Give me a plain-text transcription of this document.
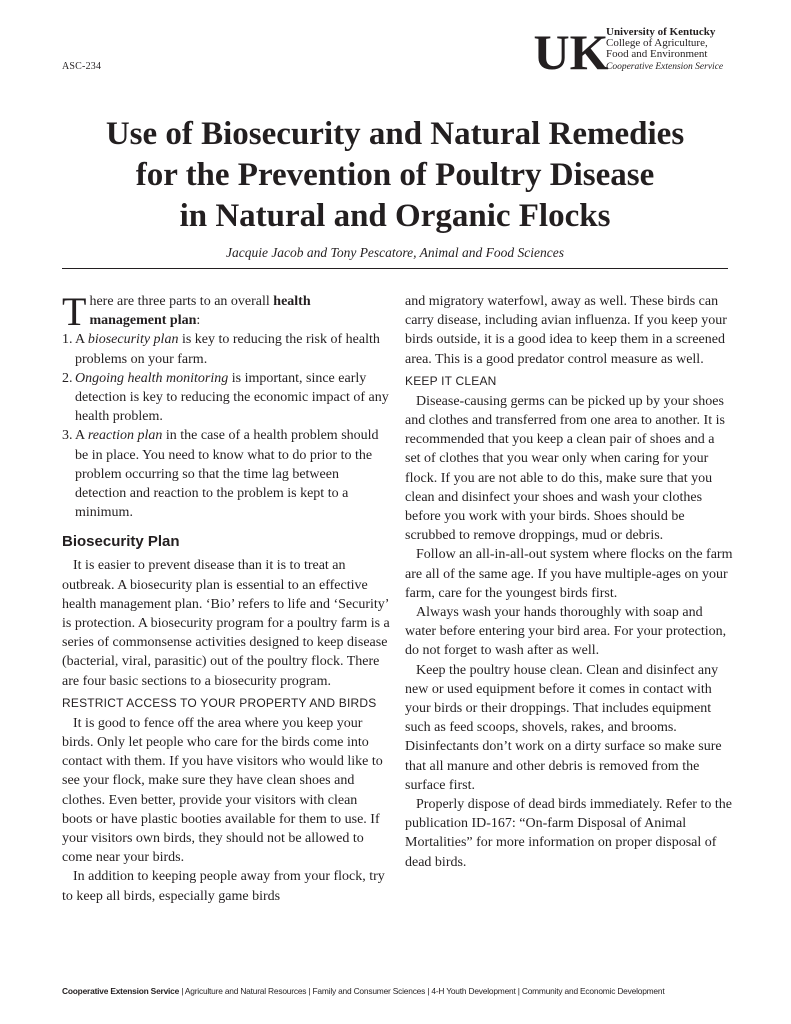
ASC-234	UK
University of Kentucky
College of Agriculture,
Food and Environment
Cooperative Extension Service
Use of Biosecurity and Natural Remedies
for the Prevention of Poultry Disease
in Natural and Organic Flocks
Jacquie Jacob and Tony Pescatore, Animal and Food Sciences

There are three parts to an overall health management plan:

1. A biosecurity plan is key to reducing the risk of health problems on your farm.
2. Ongoing health monitoring is important, since early detection is key to reducing the economic impact of any health problem.
3. A reaction plan in the case of a health problem should be in place. You need to know what to do prior to the problem occurring so that the time lag between detection and reaction to the problem is kept to a minimum.
Biosecurity Plan

It is easier to prevent disease than it is to treat an outbreak. A biosecurity plan is essential to an effective health management plan. ‘Bio’ refers to life and ‘Security’ is protection. A biosecurity program for a poultry farm is a series of commonsense activities designed to keep disease (bacterial, viral, parasitic) out of the poultry flock. There are four basic sections to a biosecurity program.

RESTRICT ACCESS TO YOUR PROPERTY AND BIRDS

It is good to fence off the area where you keep your birds. Only let people who care for the birds come into contact with them. If you have visitors who would like to see your flock, make sure they have clean shoes and clothes. Even better, provide your visitors with clean boots or have plastic booties available for them to use. If your visitors own birds, they should not be allowed to come near your birds.

In addition to keeping people away from your flock, try to keep all birds, especially game birds

and migratory waterfowl, away as well. These birds can carry disease, including avian influenza. If you keep your birds outside, it is a good idea to keep them in a screened area. This is a good predator control measure as well.

KEEP IT CLEAN

Disease-causing germs can be picked up by your shoes and clothes and transferred from one area to another. It is recommended that you keep a clean pair of shoes and a set of clothes that you wear only when caring for your flock. If you are not able to do this, make sure that you clean and disinfect your shoes and wash your clothes before you work with your birds. Shoes should be scrubbed to remove droppings, mud or debris.

Follow an all-in-all-out system where flocks on the farm are all of the same age. If you have multiple-ages on your farm, care for the youngest birds first.

Always wash your hands thoroughly with soap and water before entering your bird area. For your protection, do not forget to wash after as well.

Keep the poultry house clean. Clean and disinfect any new or used equipment before it comes in contact with your birds or their droppings. That includes equipment such as feed scoops, shovels, rakes, and brooms. Disinfectants don’t work on a dirty surface so make sure that all manure and other debris is removed from the surface first.

Properly dispose of dead birds immediately. Refer to the publication ID-167: “On-farm Disposal of Animal Mortalities” for more information on proper disposal of dead birds.

Cooperative Extension Service | Agriculture and Natural Resources | Family and Consumer Sciences | 4-H Youth Development | Community and Economic Development
